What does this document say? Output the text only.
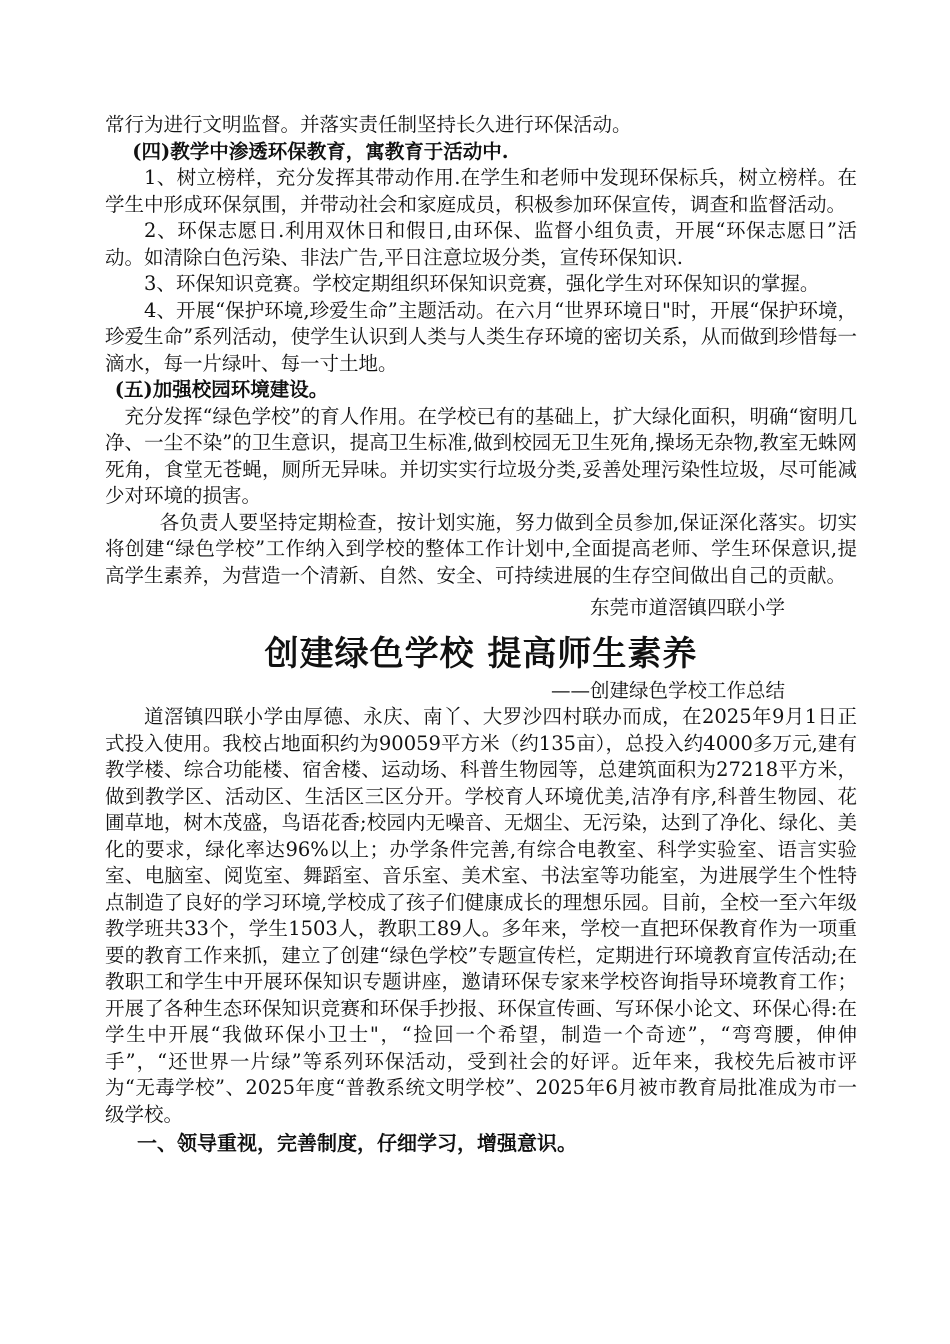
常行为进行文明监督。并落实责任制坚持长久进行环保活动。

(四)教学中渗透环保教育，寓教育于活动中.

1、树立榜样，充分发挥其带动作用.在学生和老师中发现环保标兵，树立榜样。在学生中形成环保氛围，并带动社会和家庭成员，积极参加环保宣传，调查和监督活动。

2、环保志愿日.利用双休日和假日,由环保、监督小组负责，开展“环保志愿日”活动。如清除白色污染、非法广告,平日注意垃圾分类，宣传环保知识.

3、环保知识竞赛。学校定期组织环保知识竞赛，强化学生对环保知识的掌握。

4、开展“保护环境,珍爱生命”主题活动。在六月“世界环境日"时，开展“保护环境，珍爱生命”系列活动，使学生认识到人类与人类生存环境的密切关系，从而做到珍惜每一滴水，每一片绿叶、每一寸土地。

(五)加强校园环境建设。

充分发挥“绿色学校”的育人作用。在学校已有的基础上，扩大绿化面积，明确“窗明几净、一尘不染”的卫生意识，提高卫生标准,做到校园无卫生死角,操场无杂物,教室无蛛网死角，食堂无苍蝇，厕所无异味。并切实实行垃圾分类,妥善处理污染性垃圾，尽可能减少对环境的损害。

各负责人要坚持定期检查，按计划实施，努力做到全员参加,保证深化落实。切实将创建“绿色学校”工作纳入到学校的整体工作计划中,全面提高老师、学生环保意识,提高学生素养，为营造一个清新、自然、安全、可持续进展的生存空间做出自己的贡献。

东莞市道滘镇四联小学

创建绿色学校 提高师生素养

——创建绿色学校工作总结

道滘镇四联小学由厚德、永庆、南丫、大罗沙四村联办而成，在2025年9月1日正式投入使用。我校占地面积约为90059平方米（约135亩），总投入约4000多万元,建有教学楼、综合功能楼、宿舍楼、运动场、科普生物园等，总建筑面积为27218平方米，做到教学区、活动区、生活区三区分开。学校育人环境优美,洁净有序,科普生物园、花圃草地，树木茂盛，鸟语花香;校园内无噪音、无烟尘、无污染，达到了净化、绿化、美化的要求，绿化率达96%以上；办学条件完善,有综合电教室、科学实验室、语言实验室、电脑室、阅览室、舞蹈室、音乐室、美术室、书法室等功能室，为进展学生个性特点制造了良好的学习环境,学校成了孩子们健康成长的理想乐园。目前，全校一至六年级教学班共33个，学生1503人，教职工89人。多年来，学校一直把环保教育作为一项重要的教育工作来抓，建立了创建“绿色学校”专题宣传栏，定期进行环境教育宣传活动;在教职工和学生中开展环保知识专题讲座，邀请环保专家来学校咨询指导环境教育工作；开展了各种生态环保知识竞赛和环保手抄报、环保宣传画、写环保小论文、环保心得:在学生中开展“我做环保小卫士"，“捡回一个希望，制造一个奇迹”，“弯弯腰，伸伸手”，“还世界一片绿”等系列环保活动，受到社会的好评。近年来，我校先后被市评为“无毒学校”、2025年度“普教系统文明学校”、2025年6月被市教育局批准成为市一级学校。

一、领导重视，完善制度，仔细学习，增强意识。
